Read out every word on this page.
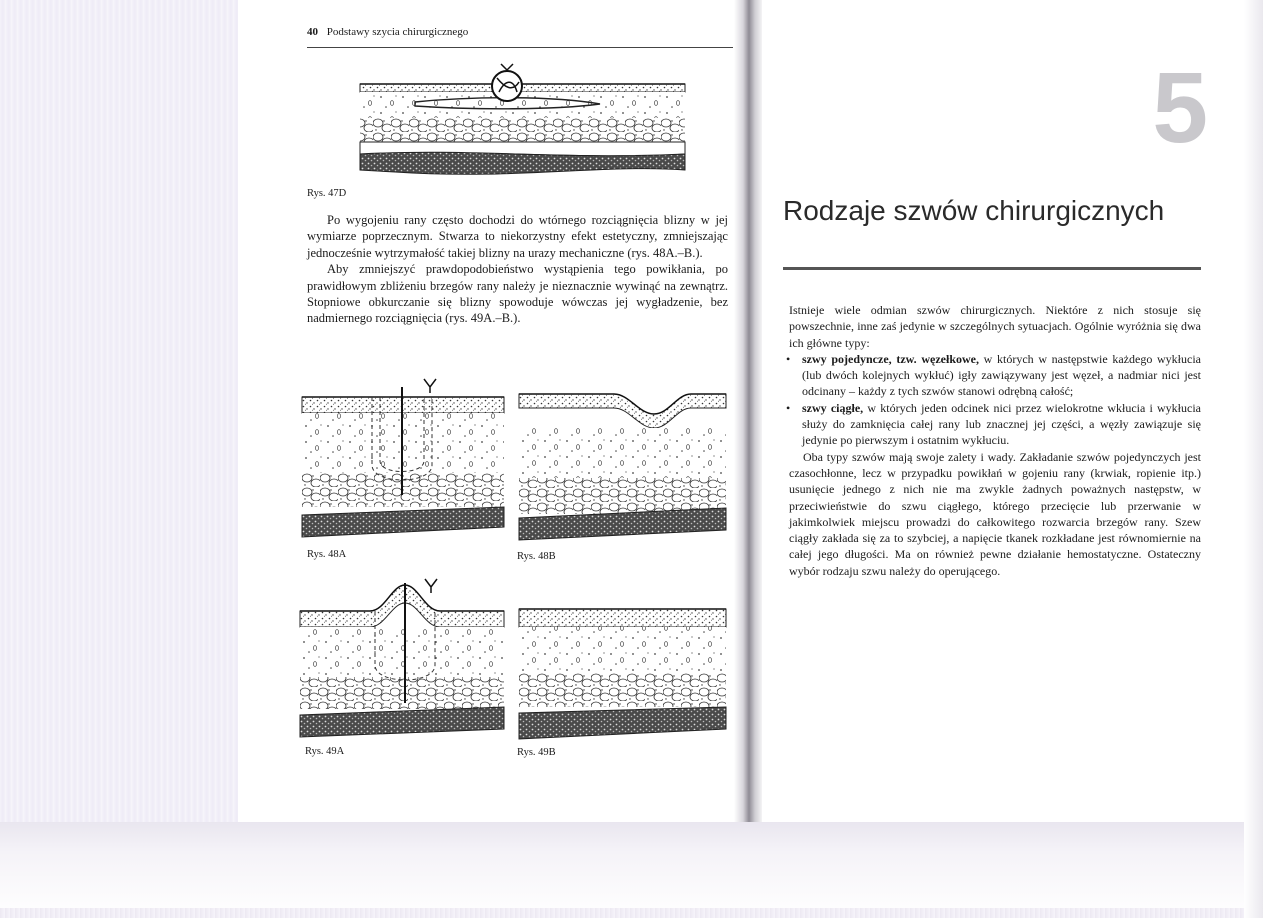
40 Podstawy szycia chirurgicznego
Rys. 47D

Po wygojeniu rany często dochodzi do wtórnego rozciągnięcia blizny w jej wymiarze poprzecznym. Stwarza to niekorzystny efekt estetyczny, zmniejszając jednocześnie wytrzymałość takiej blizny na urazy mechaniczne (rys. 48A.–B.).

Aby zmniejszyć prawdopodobieństwo wystąpienia tego powikłania, po prawidłowym zbliżeniu brzegów rany należy je nieznacznie wywinąć na zewnątrz. Stopniowe obkurczanie się blizny spowoduje wówczas jej wygładzenie, bez nadmiernego rozciągnięcia (rys. 49A.–B.).

Rys. 48A	Rys. 48B
Rys. 49A	Rys. 49B
5
Rodzaje szwów chirurgicznych

Istnieje wiele odmian szwów chirurgicznych. Niektóre z nich stosuje się powszechnie, inne zaś jedynie w szczególnych sytuacjach. Ogólnie wyróżnia się dwa ich główne typy:

• szwy pojedyncze, tzw. węzełkowe, w których w następstwie każdego wykłucia (lub dwóch kolejnych wykłuć) igły zawiązywany jest węzeł, a nadmiar nici jest odcinany – każdy z tych szwów stanowi odrębną całość;
• szwy ciągłe, w których jeden odcinek nici przez wielokrotne wkłucia i wykłucia służy do zamknięcia całej rany lub znacznej jej części, a węzły zawiązuje się jedynie po pierwszym i ostatnim wykłuciu.

Oba typy szwów mają swoje zalety i wady. Zakładanie szwów pojedynczych jest czasochłonne, lecz w przypadku powikłań w gojeniu rany (krwiak, ropienie itp.) usunięcie jednego z nich nie ma zwykle żadnych poważnych następstw, w przeciwieństwie do szwu ciągłego, którego przecięcie lub przerwanie w jakimkolwiek miejscu prowadzi do całkowitego rozwarcia brzegów rany. Szew ciągły zakłada się za to szybciej, a napięcie tkanek rozkładane jest równomiernie na całej jego długości. Ma on również pewne działanie hemostatyczne. Ostateczny wybór rodzaju szwu należy do operującego.
